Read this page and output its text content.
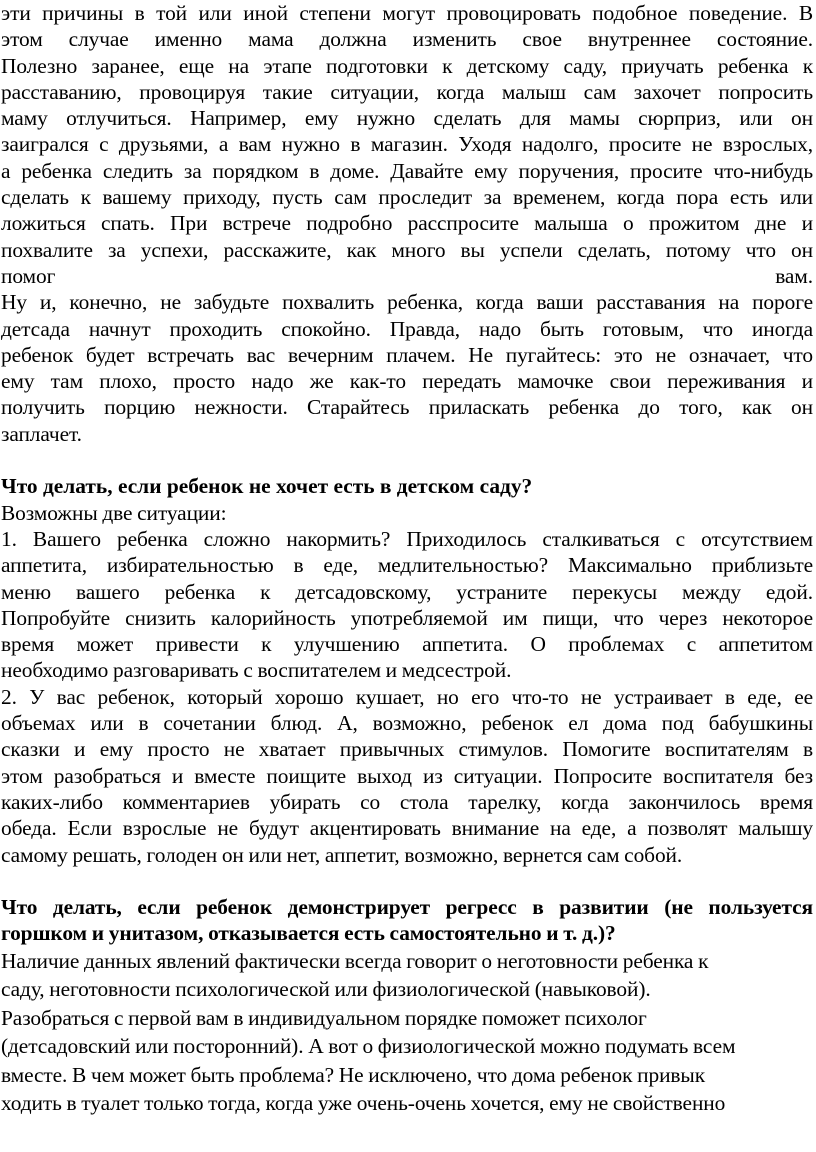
эти причины в той или иной степени могут провоцировать подобное поведение. В
этом случае именно мама должна изменить свое внутреннее состояние.
Полезно заранее, еще на этапе подготовки к детскому саду, приучать ребенка к
расставанию, провоцируя такие ситуации, когда малыш сам захочет попросить
маму отлучиться. Например, ему нужно сделать для мамы сюрприз, или он
заигрался с друзьями, а вам нужно в магазин. Уходя надолго, просите не взрослых,
а ребенка следить за порядком в доме. Давайте ему поручения, просите что-нибудь
сделать к вашему приходу, пусть сам проследит за временем, когда пора есть или
ложиться спать. При встрече подробно расспросите малыша о прожитом дне и
похвалите за успехи, расскажите, как много вы успели сделать, потому что он
помог вам.
Ну и, конечно, не забудьте похвалить ребенка, когда ваши расставания на пороге
детсада начнут проходить спокойно. Правда, надо быть готовым, что иногда
ребенок будет встречать вас вечерним плачем. Не пугайтесь: это не означает, что
ему там плохо, просто надо же как-то передать мамочке свои переживания и
получить порцию нежности. Старайтесь приласкать ребенка до того, как он
заплачет.
Что делать, если ребенок не хочет есть в детском саду?
Возможны две ситуации:
1. Вашего ребенка сложно накормить? Приходилось сталкиваться с отсутствием
аппетита, избирательностью в еде, медлительностью? Максимально приблизьте
меню вашего ребенка к детсадовскому, устраните перекусы между едой.
Попробуйте снизить калорийность употребляемой им пищи, что через некоторое
время может привести к улучшению аппетита. О проблемах с аппетитом
необходимо разговаривать с воспитателем и медсестрой.
2. У вас ребенок, который хорошо кушает, но его что-то не устраивает в еде, ее
объемах или в сочетании блюд. А, возможно, ребенок ел дома под бабушкины
сказки и ему просто не хватает привычных стимулов. Помогите воспитателям в
этом разобраться и вместе поищите выход из ситуации. Попросите воспитателя без
каких-либо комментариев убирать со стола тарелку, когда закончилось время
обеда. Если взрослые не будут акцентировать внимание на еде, а позволят малышу
самому решать, голоден он или нет, аппетит, возможно, вернется сам собой.
Что делать, если ребенок демонстрирует регресс в развитии (не пользуется
горшком и унитазом, отказывается есть самостоятельно и т. д.)?
Наличие данных явлений фактически всегда говорит о неготовности ребенка к
саду, неготовности психологической или физиологической (навыковой).
Разобраться с первой вам в индивидуальном порядке поможет психолог
(детсадовский или посторонний). А вот о физиологической можно подумать всем
вместе. В чем может быть проблема? Не исключено, что дома ребенок привык
ходить в туалет только тогда, когда уже очень-очень хочется, ему не свойственно
